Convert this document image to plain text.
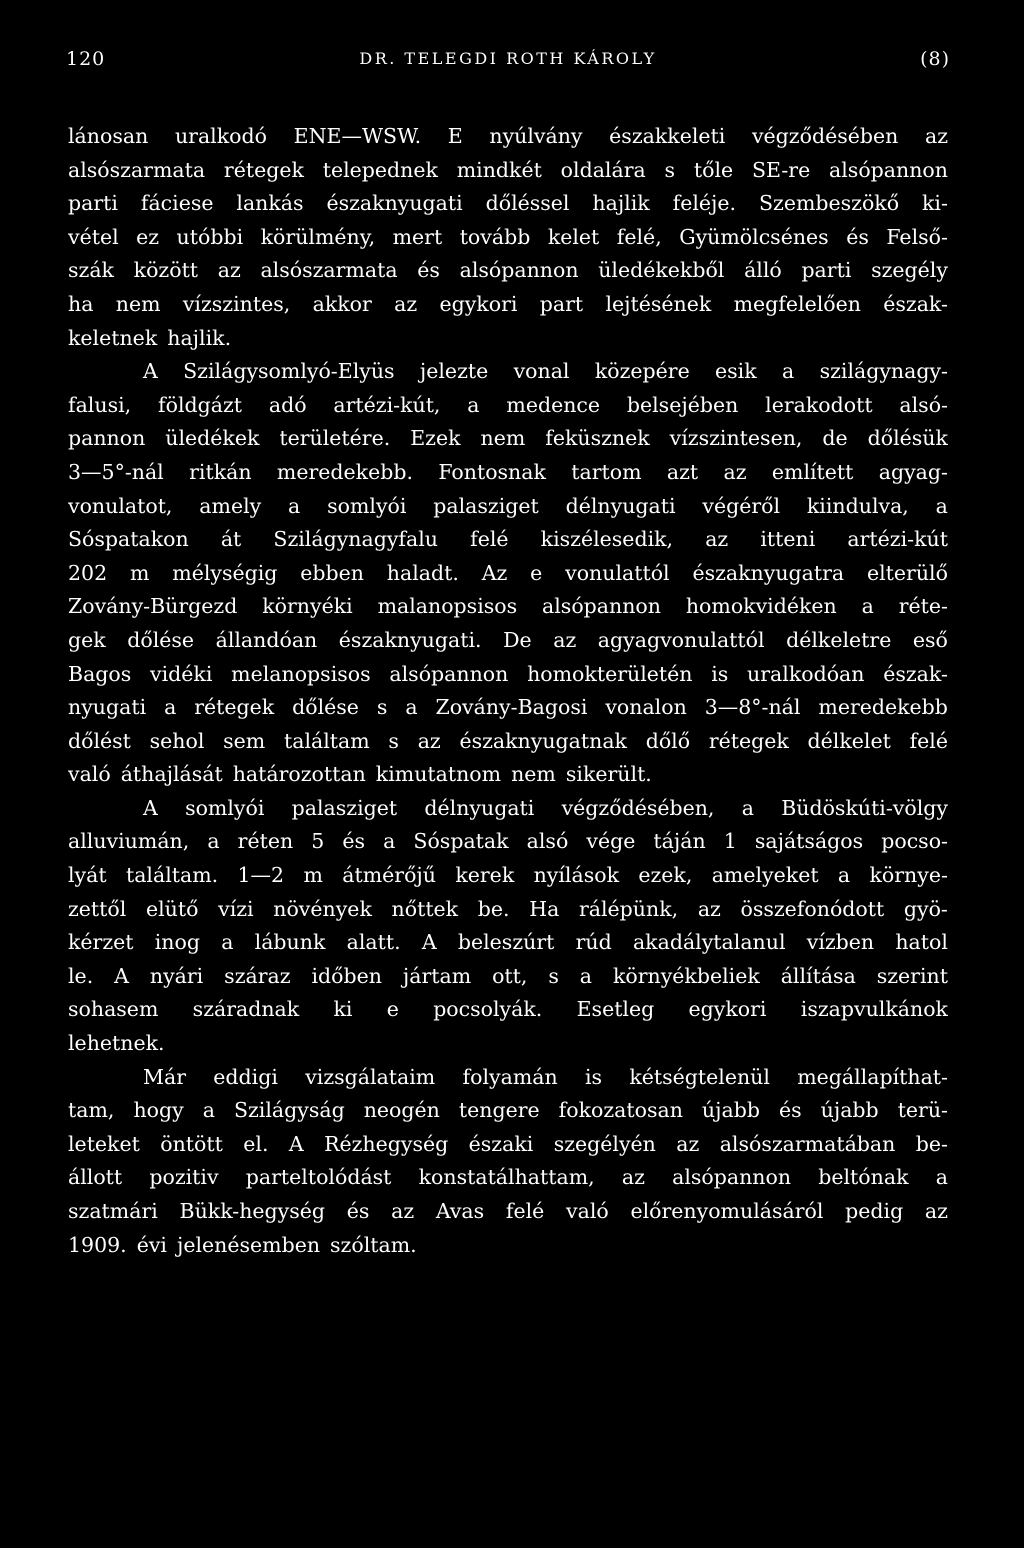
120	DR. TELEGDI ROTH KÁROLY	(8)
lánosan uralkodó ENE—WSW. E nyúlvány északkeleti végződésében az
alsószarmata rétegek telepednek mindkét oldalára s tőle SE-re alsópannon
parti fáciese lankás északnyugati dőléssel hajlik feléje. Szembeszökő ki-
vétel ez utóbbi körülmény, mert tovább kelet felé, Gyümölcsénes és Felső-
szák között az alsószarmata és alsópannon üledékekből álló parti szegély
ha nem vízszintes, akkor az egykori part lejtésének megfelelően észak-
keletnek hajlik.
A Szilágysomlyó-Elyüs jelezte vonal közepére esik a szilágynagy-
falusi, földgázt adó artézi-kút, a medence belsejében lerakodott alsó-
pannon üledékek területére. Ezek nem feküsznek vízszintesen, de dőlésük
3—5°-nál ritkán meredekebb. Fontosnak tartom azt az említett agyag-
vonulatot, amely a somlyói palasziget délnyugati végéről kiindulva, a
Sóspatakon át Szilágynagyfalu felé kiszélesedik, az itteni artézi-kút
202 m mélységig ebben haladt. Az e vonulattól északnyugatra elterülő
Zovány-Bürgezd környéki malanopsisos alsópannon homokvidéken a réte-
gek dőlése állandóan északnyugati. De az agyagvonulattól délkeletre eső
Bagos vidéki melanopsisos alsópannon homokterületén is uralkodóan észak-
nyugati a rétegek dőlése s a Zovány-Bagosi vonalon 3—8°-nál meredekebb
dőlést sehol sem találtam s az északnyugatnak dőlő rétegek délkelet felé
való áthajlását határozottan kimutatnom nem sikerült.
A somlyói palasziget délnyugati végződésében, a Büdöskúti-völgy
alluviumán, a réten 5 és a Sóspatak alsó vége táján 1 sajátságos pocso-
lyát találtam. 1—2 m átmérőjű kerek nyílások ezek, amelyeket a környe-
zettől elütő vízi növények nőttek be. Ha rálépünk, az összefonódott gyö-
kérzet inog a lábunk alatt. A beleszúrt rúd akadálytalanul vízben hatol
le. A nyári száraz időben jártam ott, s a környékbeliek állítása szerint
sohasem száradnak ki e pocsolyák. Esetleg egykori iszapvulkánok
lehetnek.
Már eddigi vizsgálataim folyamán is kétségtelenül megállapíthat-
tam, hogy a Szilágyság neogén tengere fokozatosan újabb és újabb terü-
leteket öntött el. A Rézhegység északi szegélyén az alsószarmatában be-
állott pozitiv parteltolódást konstatálhattam, az alsópannon beltónak a
szatmári Bükk-hegység és az Avas felé való előrenyomulásáról pedig az
1909. évi jelenésemben szóltam.
